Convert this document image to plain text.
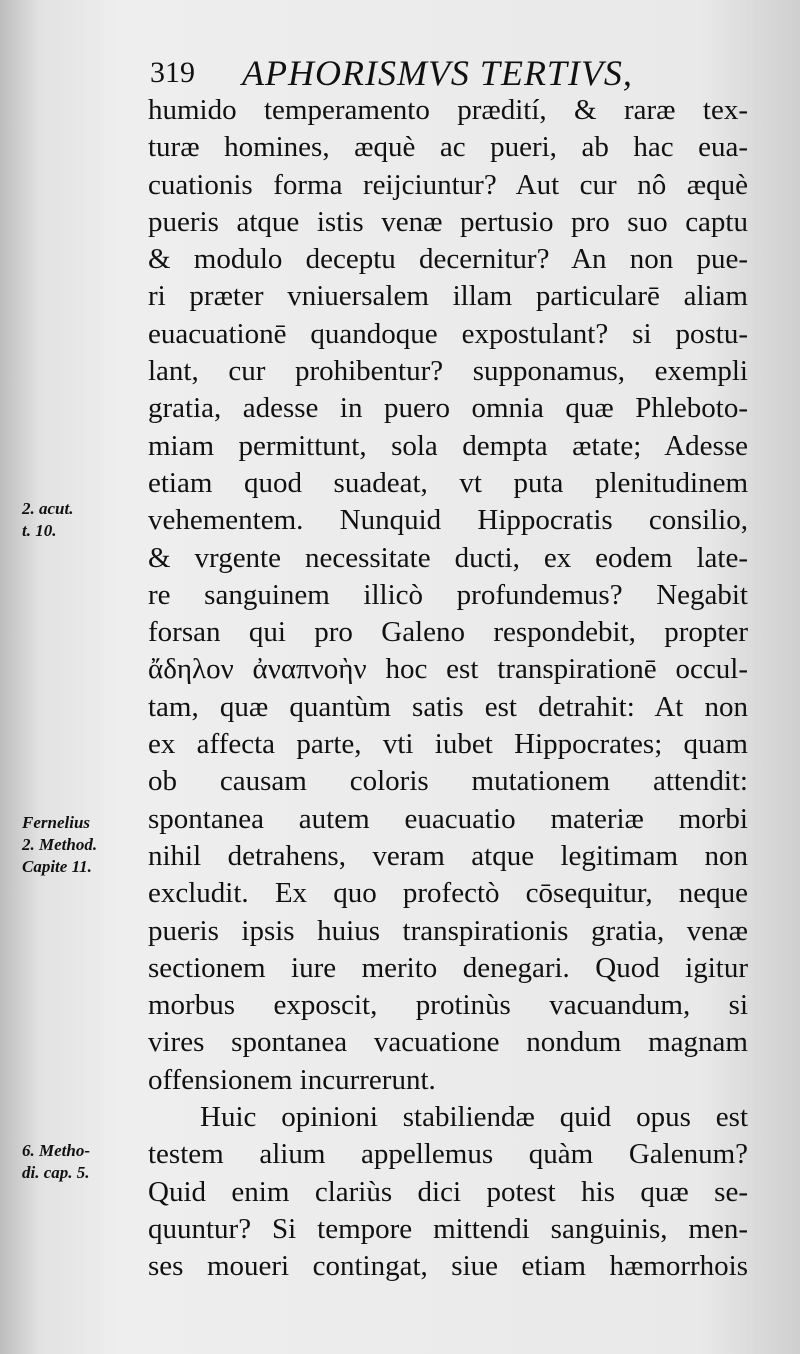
319 APHORISMVS TERTIVS,
humido temperamento prædití, & raræ tex-
turæ homines, æquè ac pueri, ab hac eua-
cuationis forma reijciuntur? Aut cur nô æquè
pueris atque istis venæ pertusio pro suo captu
& modulo deceptu decernitur? An non pue-
ri præter vniuersalem illam particularē aliam
euacuationē quandoque expostulant? si postu-
lant, cur prohibentur? supponamus, exempli
gratia, adesse in puero omnia quæ Phleboto-
miam permittunt, sola dempta ætate; Adesse
etiam quod suadeat, vt puta plenitudinem
vehementem. Nunquid Hippocratis consilio,
& vrgente necessitate ducti, ex eodem late-
re sanguinem illicò profundemus? Negabit
forsan qui pro Galeno respondebit, propter
ἄδηλον ἀναπνοὴν hoc est transpirationē occul-
tam, quæ quantùm satis est detrahit: At non
ex affecta parte, vti iubet Hippocrates; quam
ob causam coloris mutationem attendit:
spontanea autem euacuatio materiæ morbi
nihil detrahens, veram atque legitimam non
excludit. Ex quo profectò cōsequitur, neque
pueris ipsis huius transpirationis gratia, venæ
sectionem iure merito denegari. Quod igitur
morbus exposcit, protinùs vacuandum, si
vires spontanea vacuatione nondum magnam
offensionem incurrerunt.
Huic opinioni stabiliendæ quid opus est
testem alium appellemus quàm Galenum?
Quid enim clariùs dici potest his quæ se-
quuntur? Si tempore mittendi sanguinis, men-
ses moueri contingat, siue etiam hæmorrhois
2. acut.
t. 10.
Fernelius
2. Method.
Capite 11.
6. Metho-
di. cap. 5.
